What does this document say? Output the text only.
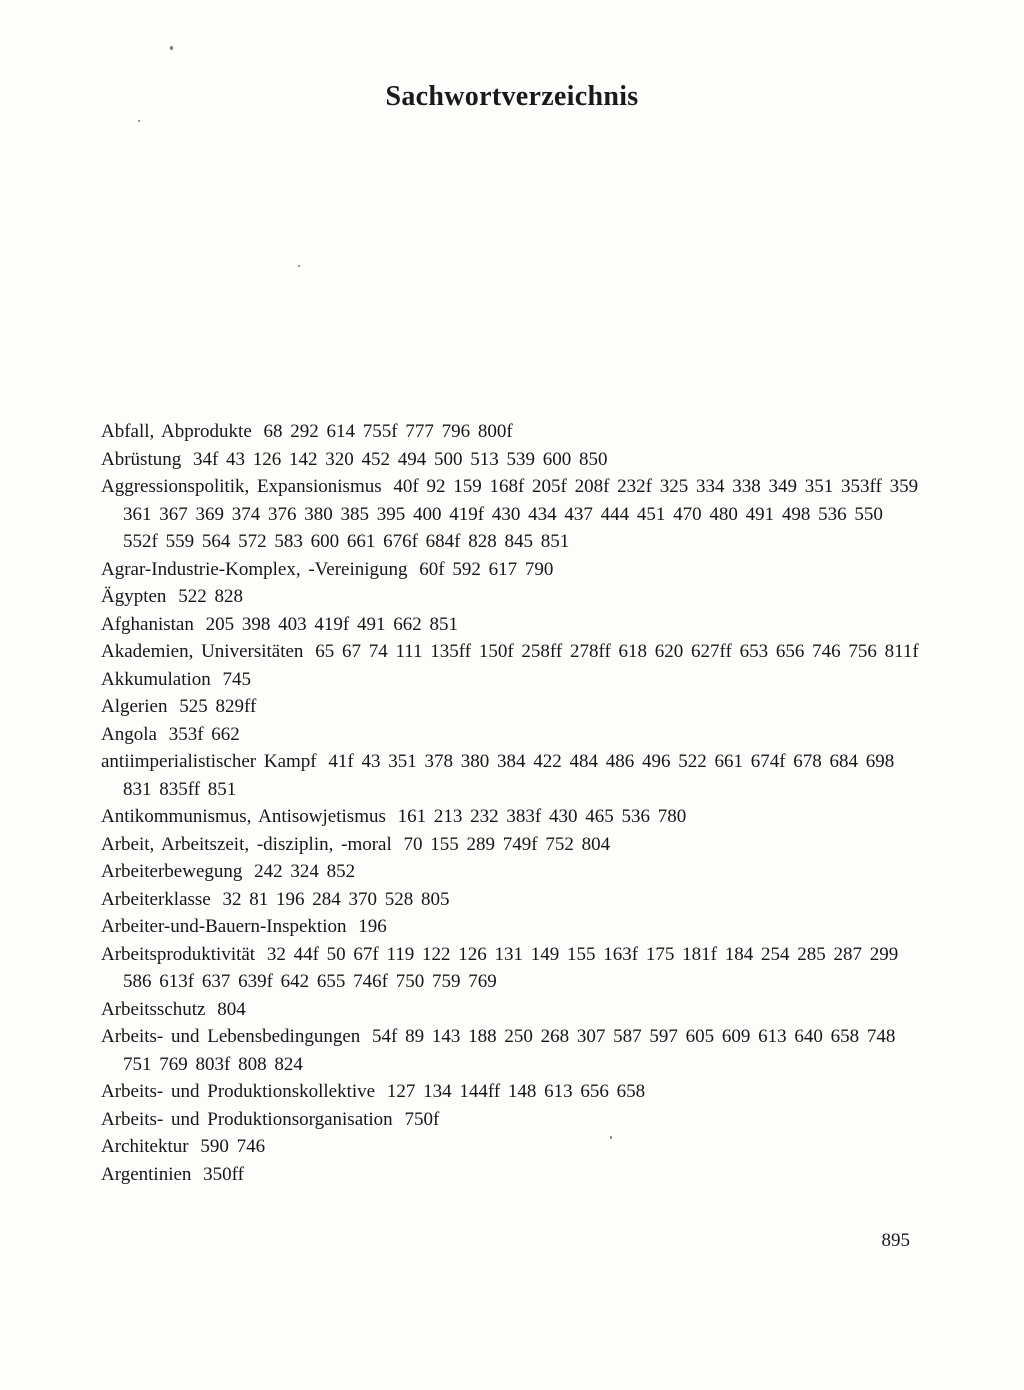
Sachwortverzeichnis
Abfall, Abprodukte 68 292 614 755f 777 796 800f
Abrüstung 34f 43 126 142 320 452 494 500 513 539 600 850
Aggressionspolitik, Expansionismus 40f 92 159 168f 205f 208f 232f 325 334 338 349 351 353ff 359 361 367 369 374 376 380 385 395 400 419f 430 434 437 444 451 470 480 491 498 536 550 552f 559 564 572 583 600 661 676f 684f 828 845 851
Agrar-Industrie-Komplex, -Vereinigung 60f 592 617 790
Ägypten 522 828
Afghanistan 205 398 403 419f 491 662 851
Akademien, Universitäten 65 67 74 111 135ff 150f 258ff 278ff 618 620 627ff 653 656 746 756 811f
Akkumulation 745
Algerien 525 829ff
Angola 353f 662
antiimperialistischer Kampf 41f 43 351 378 380 384 422 484 486 496 522 661 674f 678 684 698 831 835ff 851
Antikommunismus, Antisowjetismus 161 213 232 383f 430 465 536 780
Arbeit, Arbeitszeit, -disziplin, -moral 70 155 289 749f 752 804
Arbeiterbewegung 242 324 852
Arbeiterklasse 32 81 196 284 370 528 805
Arbeiter-und-Bauern-Inspektion 196
Arbeitsproduktivität 32 44f 50 67f 119 122 126 131 149 155 163f 175 181f 184 254 285 287 299 586 613f 637 639f 642 655 746f 750 759 769
Arbeitsschutz 804
Arbeits- und Lebensbedingungen 54f 89 143 188 250 268 307 587 597 605 609 613 640 658 748 751 769 803f 808 824
Arbeits- und Produktionskollektive 127 134 144ff 148 613 656 658
Arbeits- und Produktionsorganisation 750f
Architektur 590 746
Argentinien 350ff
895
